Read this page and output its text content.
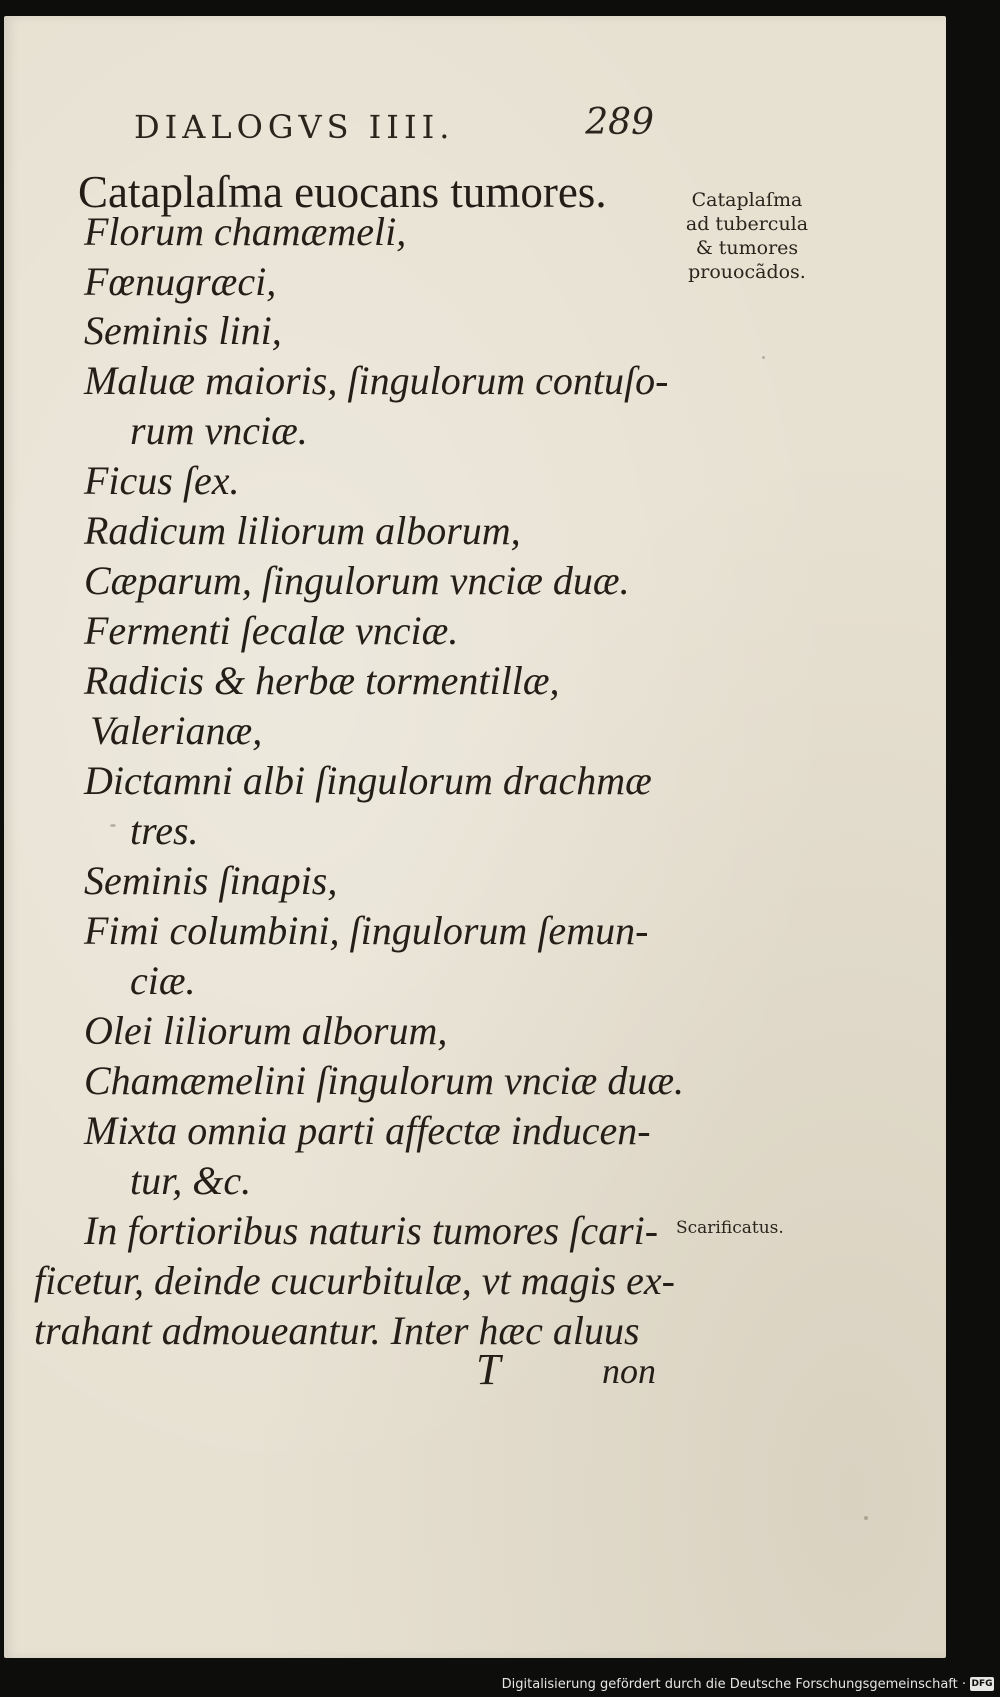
DIALOGVS IIII.	289
Cataplaſma euocans tumores.
Florum chamæmeli,
Fœnugræci,
Seminis lini,
Maluæ maioris, ſingulorum contuſo-
rum vnciæ.
Ficus ſex.
Radicum liliorum alborum,
Cæparum, ſingulorum vnciæ duæ.
Fermenti ſecalæ vnciæ.
Radicis & herbæ tormentillæ,
Valerianæ,
Dictamni albi ſingulorum drachmæ
tres.
Seminis ſinapis,
Fimi columbini, ſingulorum ſemun-
ciæ.
Olei liliorum alborum,
Chamæmelini ſingulorum vnciæ duæ.
Mixta omnia parti affectæ inducen-
tur, &c.
In fortioribus naturis tumores ſcari-
ficetur, deinde cucurbitulæ, vt magis ex-
trahant admoueantur. Inter hæc aluus
T	non
Cataplaſma
ad tubercula
& tumores
prouocãdos.
Scarificatus.
Digitalisierung gefördert durch die Deutsche Forschungsgemeinschaft · DFG
